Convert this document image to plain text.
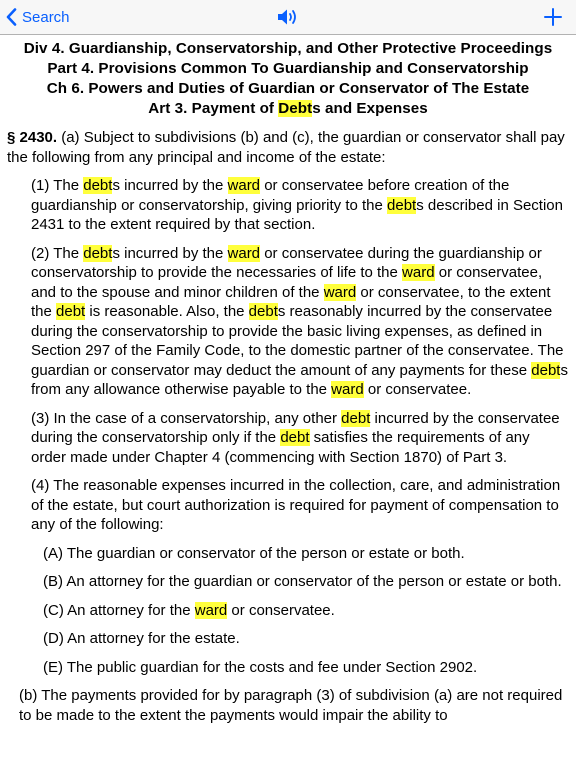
Search
Div 4. Guardianship, Conservatorship, and Other Protective Proceedings
Part 4. Provisions Common To Guardianship and Conservatorship
Ch 6. Powers and Duties of Guardian or Conservator of The Estate
Art 3. Payment of Debts and Expenses
§ 2430. (a) Subject to subdivisions (b) and (c), the guardian or conservator shall pay the following from any principal and income of the estate:
(1) The debts incurred by the ward or conservatee before creation of the guardianship or conservatorship, giving priority to the debts described in Section 2431 to the extent required by that section.
(2) The debts incurred by the ward or conservatee during the guardianship or conservatorship to provide the necessaries of life to the ward or conservatee, and to the spouse and minor children of the ward or conservatee, to the extent the debt is reasonable. Also, the debts reasonably incurred by the conservatee during the conservatorship to provide the basic living expenses, as defined in Section 297 of the Family Code, to the domestic partner of the conservatee. The guardian or conservator may deduct the amount of any payments for these debts from any allowance otherwise payable to the ward or conservatee.
(3) In the case of a conservatorship, any other debt incurred by the conservatee during the conservatorship only if the debt satisfies the requirements of any order made under Chapter 4 (commencing with Section 1870) of Part 3.
(4) The reasonable expenses incurred in the collection, care, and administration of the estate, but court authorization is required for payment of compensation to any of the following:
(A) The guardian or conservator of the person or estate or both.
(B) An attorney for the guardian or conservator of the person or estate or both.
(C) An attorney for the ward or conservatee.
(D) An attorney for the estate.
(E) The public guardian for the costs and fee under Section 2902.
(b) The payments provided for by paragraph (3) of subdivision (a) are not required to be made to the extent the payments would impair the ability to
